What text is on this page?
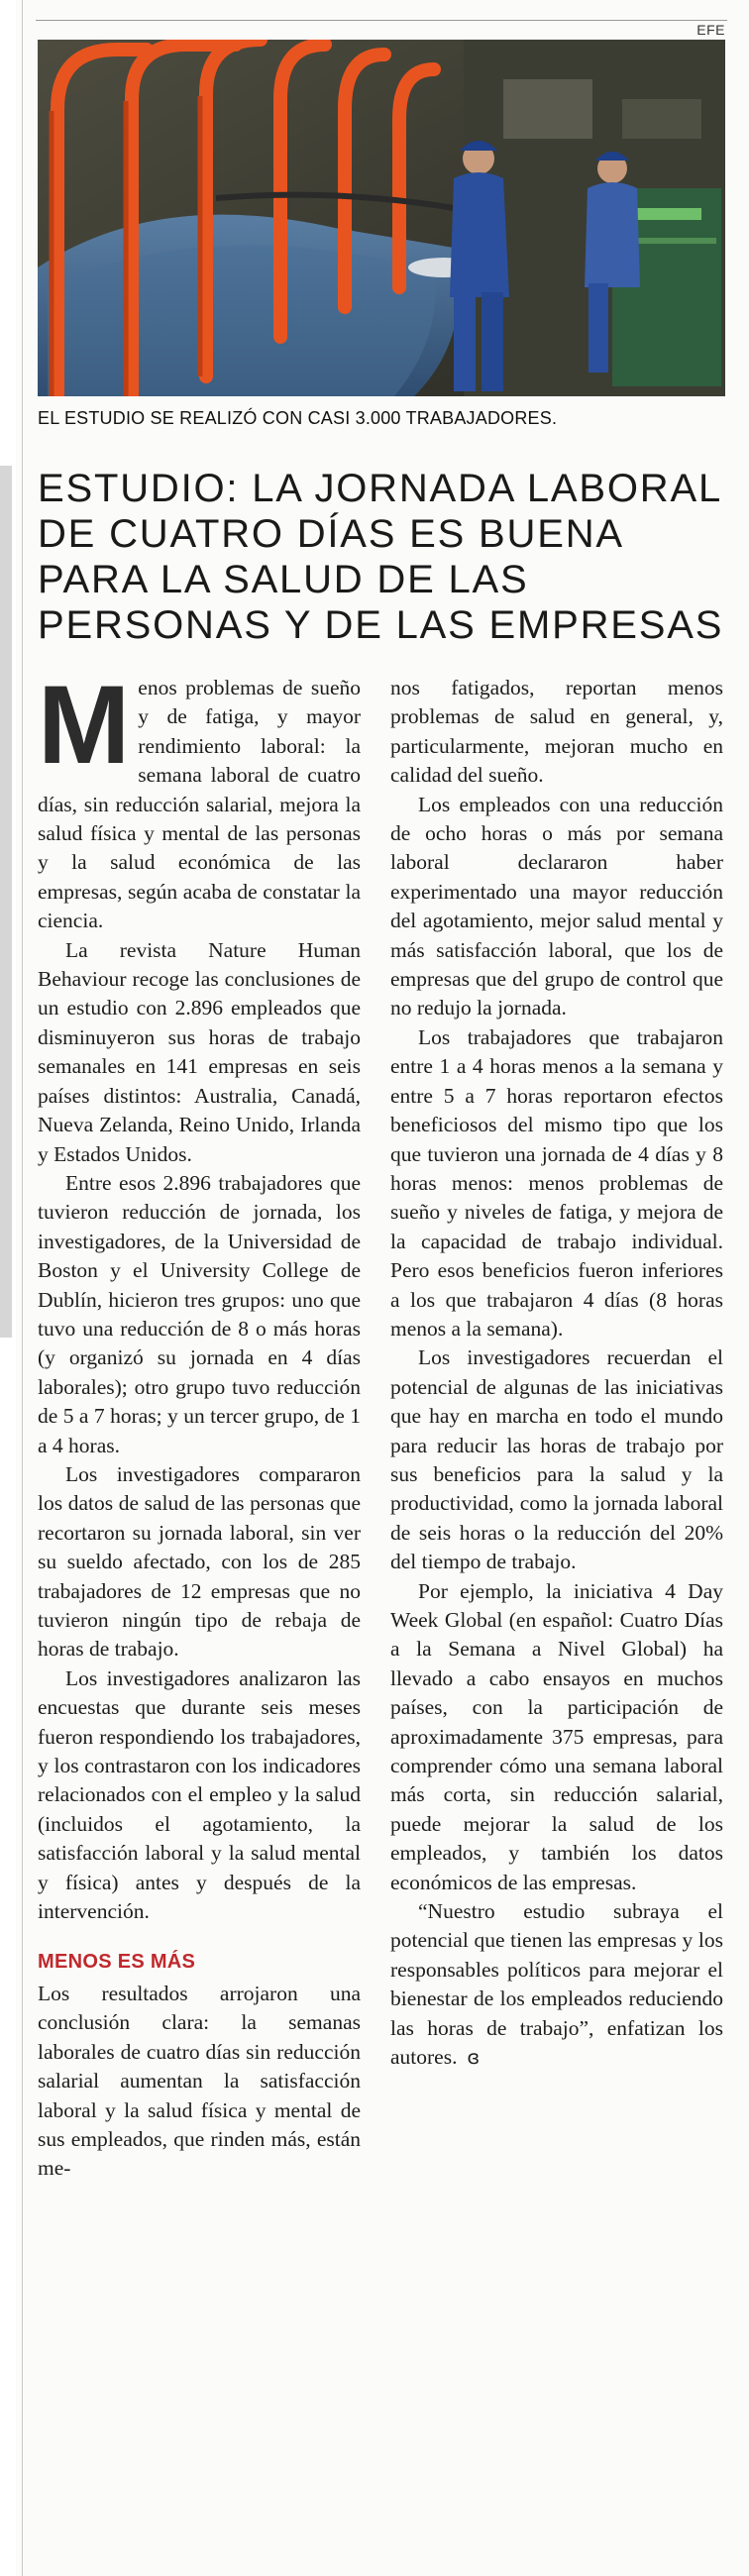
EFE
EL ESTUDIO SE REALIZÓ CON CASI 3.000 TRABAJADORES.
ESTUDIO: LA JORNADA LABORAL DE CUATRO DÍAS ES BUENA PARA LA SALUD DE LAS PERSONAS Y DE LAS EMPRESAS

Menos problemas de sueño y de fatiga, y mayor rendimiento laboral: la semana laboral de cuatro días, sin reducción salarial, mejora la salud física y mental de las personas y la salud económica de las empresas, según acaba de constatar la ciencia.

La revista Nature Human Behaviour recoge las conclusiones de un estudio con 2.896 empleados que disminuyeron sus horas de trabajo semanales en 141 empresas en seis países distintos: Australia, Canadá, Nueva Zelanda, Reino Unido, Irlanda y Estados Unidos.

Entre esos 2.896 trabajadores que tuvieron reducción de jornada, los investigadores, de la Universidad de Boston y el University College de Dublín, hicieron tres grupos: uno que tuvo una reducción de 8 o más horas (y organizó su jornada en 4 días laborales); otro grupo tuvo reducción de 5 a 7 horas; y un tercer grupo, de 1 a 4 horas.

Los investigadores compararon los datos de salud de las personas que recortaron su jornada laboral, sin ver su sueldo afectado, con los de 285 trabajadores de 12 empresas que no tuvieron ningún tipo de rebaja de horas de trabajo.

Los investigadores analizaron las encuestas que durante seis meses fueron respondiendo los trabajadores, y los contrastaron con los indicadores relacionados con el empleo y la salud (incluidos el agotamiento, la satisfacción laboral y la salud mental y física) antes y después de la intervención.

MENOS ES MÁS

Los resultados arrojaron una conclusión clara: la semanas laborales de cuatro días sin reducción salarial aumentan la satisfacción laboral y la salud física y mental de sus empleados, que rinden más, están me-

nos fatigados, reportan menos problemas de salud en general, y, particularmente, mejoran mucho en calidad del sueño.

Los empleados con una reducción de ocho horas o más por semana laboral declararon haber experimentado una mayor reducción del agotamiento, mejor salud mental y más satisfacción laboral, que los de empresas que del grupo de control que no redujo la jornada.

Los trabajadores que trabajaron entre 1 a 4 horas menos a la semana y entre 5 a 7 horas reportaron efectos beneficiosos del mismo tipo que los que tuvieron una jornada de 4 días y 8 horas menos: menos problemas de sueño y niveles de fatiga, y mejora de la capacidad de trabajo individual. Pero esos beneficios fueron inferiores a los que trabajaron 4 días (8 horas menos a la semana).

Los investigadores recuerdan el potencial de algunas de las iniciativas que hay en marcha en todo el mundo para reducir las horas de trabajo por sus beneficios para la salud y la productividad, como la jornada laboral de seis horas o la reducción del 20% del tiempo de trabajo.

Por ejemplo, la iniciativa 4 Day Week Global (en español: Cuatro Días a la Semana a Nivel Global) ha llevado a cabo ensayos en muchos países, con la participación de aproximadamente 375 empresas, para comprender cómo una semana laboral más corta, sin reducción salarial, puede mejorar la salud de los empleados, y también los datos económicos de las empresas.

“Nuestro estudio subraya el potencial que tienen las empresas y los responsables políticos para mejorar el bienestar de los empleados reduciendo las horas de trabajo”, enfatizan los autores. ɞ
